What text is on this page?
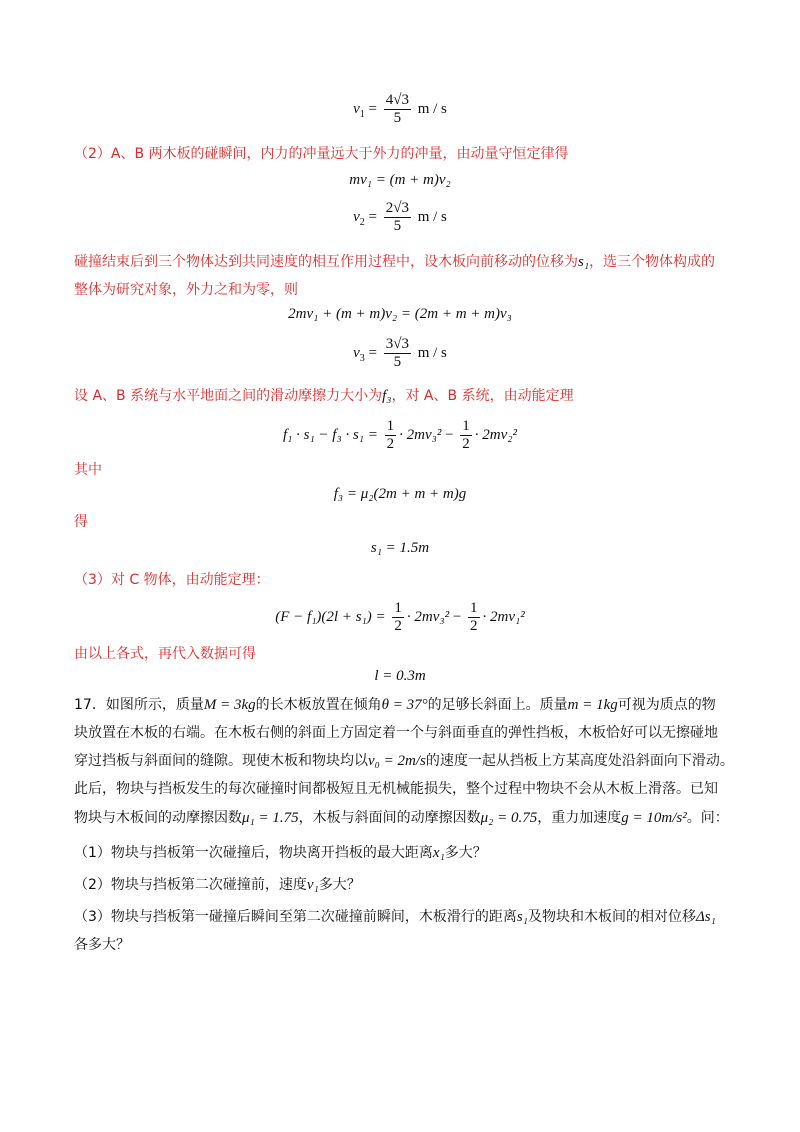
$v_1 = \frac{4√3}{5}$ m / s
（2）A、B 两木板的碰瞬间，内力的冲量远大于外力的冲量，由动量守恒定律得
mv₁ = (m + m)v₂
$v_2 = \frac{2√3}{5}$ m / s
碰撞结束后到三个物体达到共同速度的相互作用过程中，设木板向前移动的位移为s₁，选三个物体构成的
整体为研究对象，外力之和为零，则
2mv₁ + (m + m)v₂ = (2m + m + m)v₃
$v_3 = \frac{3√3}{5}$ m / s
设 A、B 系统与水平地面之间的滑动摩擦力大小为f₃，对 A、B 系统，由动能定理
$f_1 \cdot s_1 - f_3 \cdot s_1 = \frac{1}{2} \cdot 2mv_3^2 - \frac{1}{2} \cdot 2mv_2^2$
其中
f₃ = μ₂(2m + m + m)g
得
s₁ = 1.5m
（3）对 C 物体，由动能定理：
$(F - f_1)(2l + s_1) = \frac{1}{2} \cdot 2mv_3^2 - \frac{1}{2} \cdot 2mv_1^2$
由以上各式，再代入数据可得
l = 0.3m
17．如图所示，质量M = 3kg的长木板放置在倾角θ = 37°的足够长斜面上。质量m = 1kg可视为质点的物
块放置在木板的右端。在木板右侧的斜面上方固定着一个与斜面垂直的弹性挡板，木板恰好可以无擦碰地
穿过挡板与斜面间的缝隙。现使木板和物块均以v₀ = 2m/s的速度一起从挡板上方某高度处沿斜面向下滑动。
此后，物块与挡板发生的每次碰撞时间都极短且无机械能损失，整个过程中物块不会从木板上滑落。已知
物块与木板间的动摩擦因数μ₁ = 1.75，木板与斜面间的动摩擦因数μ₂ = 0.75，重力加速度g = 10m/s²。问：
（1）物块与挡板第一次碰撞后，物块离开挡板的最大距离x₁多大？
（2）物块与挡板第二次碰撞前，速度v₁多大？
（3）物块与挡板第一碰撞后瞬间至第二次碰撞前瞬间，木板滑行的距离s₁及物块和木板间的相对位移Δs₁
各多大？
